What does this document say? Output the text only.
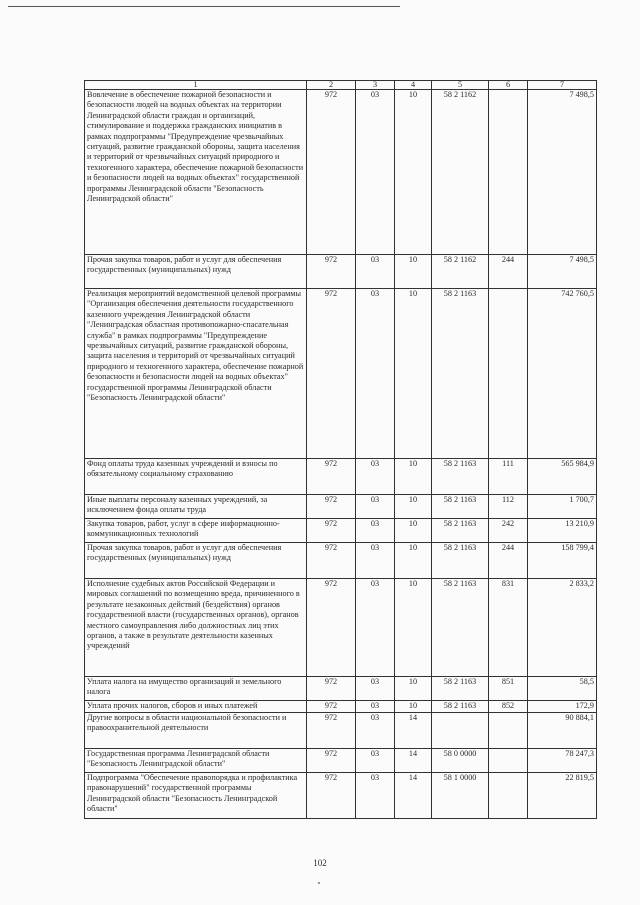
1	2	3	4	5	6	7
Вовлечение в обеспечение пожарной безопасности и безопасности людей на водных объектах на территории Ленинградской области граждан и организаций, стимулирование и поддержка гражданских инициатив в рамках подпрограммы "Предупреждение чрезвычайных ситуаций, развитие гражданской обороны, защита населения и территорий от чрезвычайных ситуаций природного и техногенного характера, обеспечение пожарной безопасности и безопасности людей на водных объектах" государственной программы Ленинградской области "Безопасность Ленинградской области"	972	03	10	58 2 1162		7 498,5
Прочая закупка товаров, работ и услуг для обеспечения государственных (муниципальных) нужд	972	03	10	58 2 1162	244	7 498,5
Реализация мероприятий ведомственной целевой программы "Организация обеспечения деятельности государственного казенного учреждения Ленинградской области "Ленинградская областная противопожарно-спасательная служба" в рамках подпрограммы "Предупреждение чрезвычайных ситуаций, развитие гражданской обороны, защита населения и территорий от чрезвычайных ситуаций природного и техногенного характера, обеспечение пожарной безопасности и безопасности людей на водных объектах" государственной программы Ленинградской области "Безопасность Ленинградской области"	972	03	10	58 2 1163		742 760,5
Фонд оплаты труда казенных учреждений и взносы по обязательному социальному страхованию	972	03	10	58 2 1163	111	565 984,9
Иные выплаты персоналу казенных учреждений, за исключением фонда оплаты труда	972	03	10	58 2 1163	112	1 700,7
Закупка товаров, работ, услуг в сфере информационно-коммуникационных технологий	972	03	10	58 2 1163	242	13 210,9
Прочая закупка товаров, работ и услуг для обеспечения государственных (муниципальных) нужд	972	03	10	58 2 1163	244	158 799,4
Исполнение судебных актов Российской Федерации и мировых соглашений по возмещению вреда, причиненного в результате незаконных действий (бездействия) органов государственной власти (государственных органов), органов местного самоуправления либо должностных лиц этих органов, а также в результате деятельности казенных учреждений	972	03	10	58 2 1163	831	2 833,2
Уплата налога на имущество организаций и земельного налога	972	03	10	58 2 1163	851	58,5
Уплата прочих налогов, сборов и иных платежей	972	03	10	58 2 1163	852	172,9
Другие вопросы в области национальной безопасности и правоохранительной деятельности	972	03	14			90 884,1
Государственная программа Ленинградской области "Безопасность Ленинградской области"	972	03	14	58 0 0000		78 247,3
Подпрограмма "Обеспечение правопорядка и профилактика правонарушений" государственной программы Ленинградской области "Безопасность Ленинградской области"	972	03	14	58 1 0000		22 819,5
102
